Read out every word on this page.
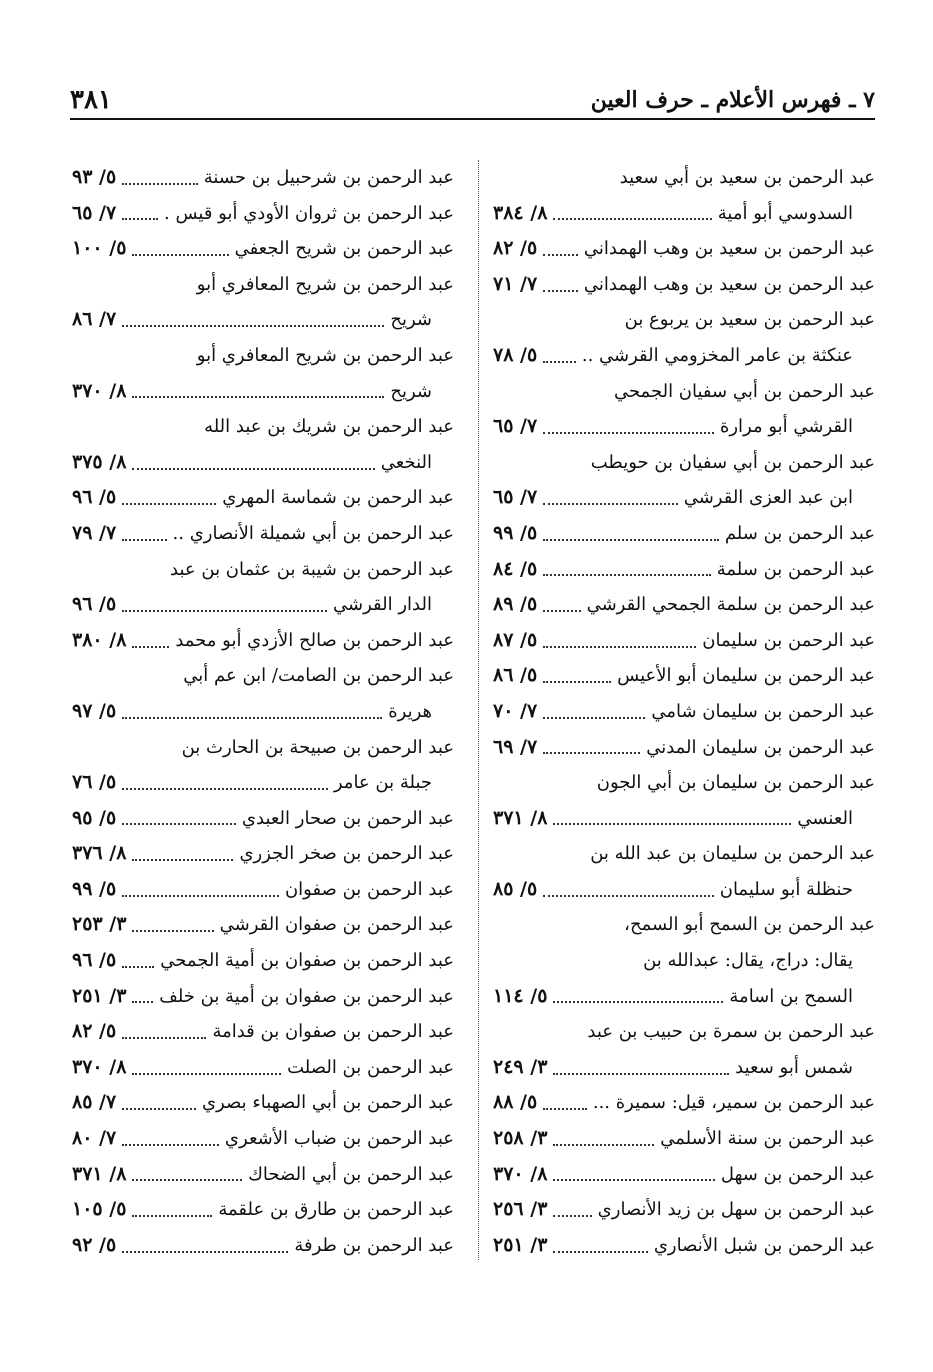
٧ ـ فهرس الأعلام ـ حرف العين
٣٨١
عبد الرحمن بن سعيد بن أبي سعيد
السدوسي أبو أمية
٨/ ٣٨٤
عبد الرحمن بن سعيد بن وهب الهمداني
٥/ ٨٢
عبد الرحمن بن سعيد بن وهب الهمداني
٧/ ٧١
عبد الرحمن بن سعيد بن يربوع بن
عنكثة بن عامر المخزومي القرشي ..
٥/ ٧٨
عبد الرحمن بن أبي سفيان الجمحي
القرشي أبو مرارة
٧/ ٦٥
عبد الرحمن بن أبي سفيان بن حويطب
ابن عبد العزى القرشي
٧/ ٦٥
عبد الرحمن بن سلم
٥/ ٩٩
عبد الرحمن بن سلمة
٥/ ٨٤
عبد الرحمن بن سلمة الجمحي القرشي
٥/ ٨٩
عبد الرحمن بن سليمان
٥/ ٨٧
عبد الرحمن بن سليمان أبو الأعيس
٥/ ٨٦
عبد الرحمن بن سليمان شامي
٧/ ٧٠
عبد الرحمن بن سليمان المدني
٧/ ٦٩
عبد الرحمن بن سليمان بن أبي الجون
العنسي
٨/ ٣٧١
عبد الرحمن بن سليمان بن عبد الله بن
حنظلة أبو سليمان
٥/ ٨٥
عبد الرحمن بن السمح أبو السمح،
يقال: دراج، يقال: عبدالله بن
السمح بن اسامة
٥/ ١١٤
عبد الرحمن بن سمرة بن حبيب بن عبد
شمس أبو سعيد
٣/ ٢٤٩
عبد الرحمن بن سمير، قيل: سميرة ...
٥/ ٨٨
عبد الرحمن بن سنة الأسلمي
٣/ ٢٥٨
عبد الرحمن بن سهل
٨/ ٣٧٠
عبد الرحمن بن سهل بن زيد الأنصاري
٣/ ٢٥٦
عبد الرحمن بن شبل الأنصاري
٣/ ٢٥١
عبد الرحمن بن شرحبيل بن حسنة
٥/ ٩٣
عبد الرحمن بن ثروان الأودي أبو قيس .
٧/ ٦٥
عبد الرحمن بن شريح الجعفي
٥/ ١٠٠
عبد الرحمن بن شريح المعافري أبو
شريح
٧/ ٨٦
عبد الرحمن بن شريح المعافري أبو
شريح
٨/ ٣٧٠
عبد الرحمن بن شريك بن عبد الله
النخعي
٨/ ٣٧٥
عبد الرحمن بن شماسة المهري
٥/ ٩٦
عبد الرحمن بن أبي شميلة الأنصاري ..
٧/ ٧٩
عبد الرحمن بن شيبة بن عثمان بن عبد
الدار القرشي
٥/ ٩٦
عبد الرحمن بن صالح الأزدي أبو محمد
٨/ ٣٨٠
عبد الرحمن بن الصامت/ ابن عم أبي
هريرة
٥/ ٩٧
عبد الرحمن بن صبيحة بن الحارث بن
جبلة بن عامر
٥/ ٧٦
عبد الرحمن بن صحار العبدي
٥/ ٩٥
عبد الرحمن بن صخر الجزري
٨/ ٣٧٦
عبد الرحمن بن صفوان
٥/ ٩٩
عبد الرحمن بن صفوان القرشي
٣/ ٢٥٣
عبد الرحمن بن صفوان بن أمية الجمحي
٥/ ٩٦
عبد الرحمن بن صفوان بن أمية بن خلف
٣/ ٢٥١
عبد الرحمن بن صفوان بن قدامة
٥/ ٨٢
عبد الرحمن بن الصلت
٨/ ٣٧٠
عبد الرحمن بن أبي الصهباء بصري
٧/ ٨٥
عبد الرحمن بن ضباب الأشعري
٧/ ٨٠
عبد الرحمن بن أبي الضحاك
٨/ ٣٧١
عبد الرحمن بن طارق بن علقمة
٥/ ١٠٥
عبد الرحمن بن طرفة
٥/ ٩٢
